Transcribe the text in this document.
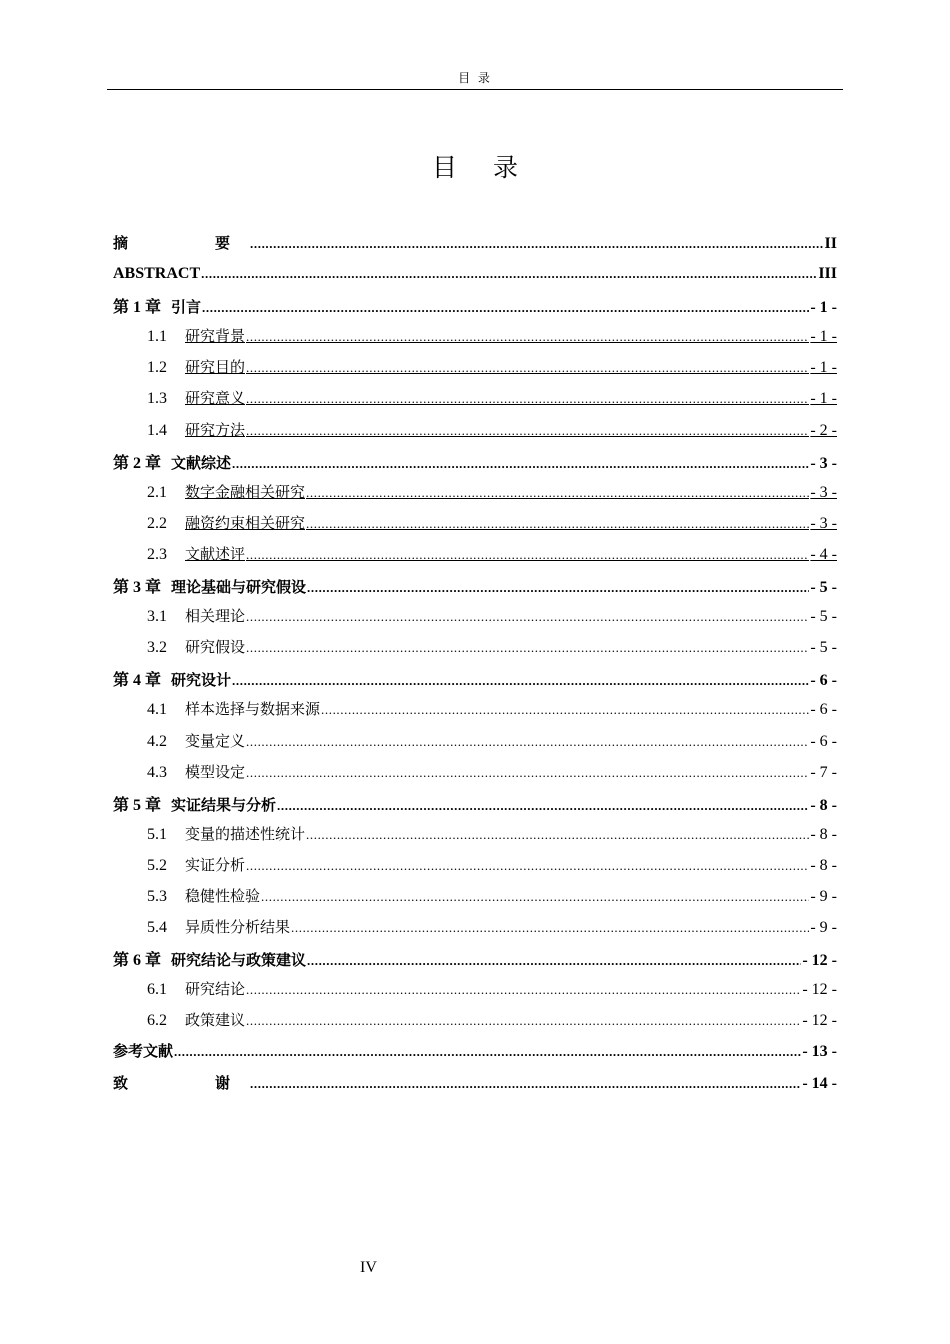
目 录
目 录
摘　　要 .....	II
ABSTRACT .....	III
第 1 章 引言 .....	- 1 -
1.1 研究背景 .....	- 1 -
1.2 研究目的 .....	- 1 -
1.3 研究意义 .....	- 1 -
1.4 研究方法 .....	- 2 -
第 2 章 文献综述 .....	- 3 -
2.1 数字金融相关研究 .....	- 3 -
2.2 融资约束相关研究 .....	- 3 -
2.3 文献述评 .....	- 4 -
第 3 章 理论基础与研究假设 .....	- 5 -
3.1 相关理论 .....	- 5 -
3.2 研究假设 .....	- 5 -
第 4 章 研究设计 .....	- 6 -
4.1 样本选择与数据来源 .....	- 6 -
4.2 变量定义 .....	- 6 -
4.3 模型设定 .....	- 7 -
第 5 章 实证结果与分析 .....	- 8 -
5.1 变量的描述性统计 .....	- 8 -
5.2 实证分析 .....	- 8 -
5.3 稳健性检验 .....	- 9 -
5.4 异质性分析结果 .....	- 9 -
第 6 章 研究结论与政策建议 .....	- 12 -
6.1 研究结论 .....	- 12 -
6.2 政策建议 .....	- 12 -
参考文献 .....	- 13 -
致　　谢 .....	- 14 -
IV
